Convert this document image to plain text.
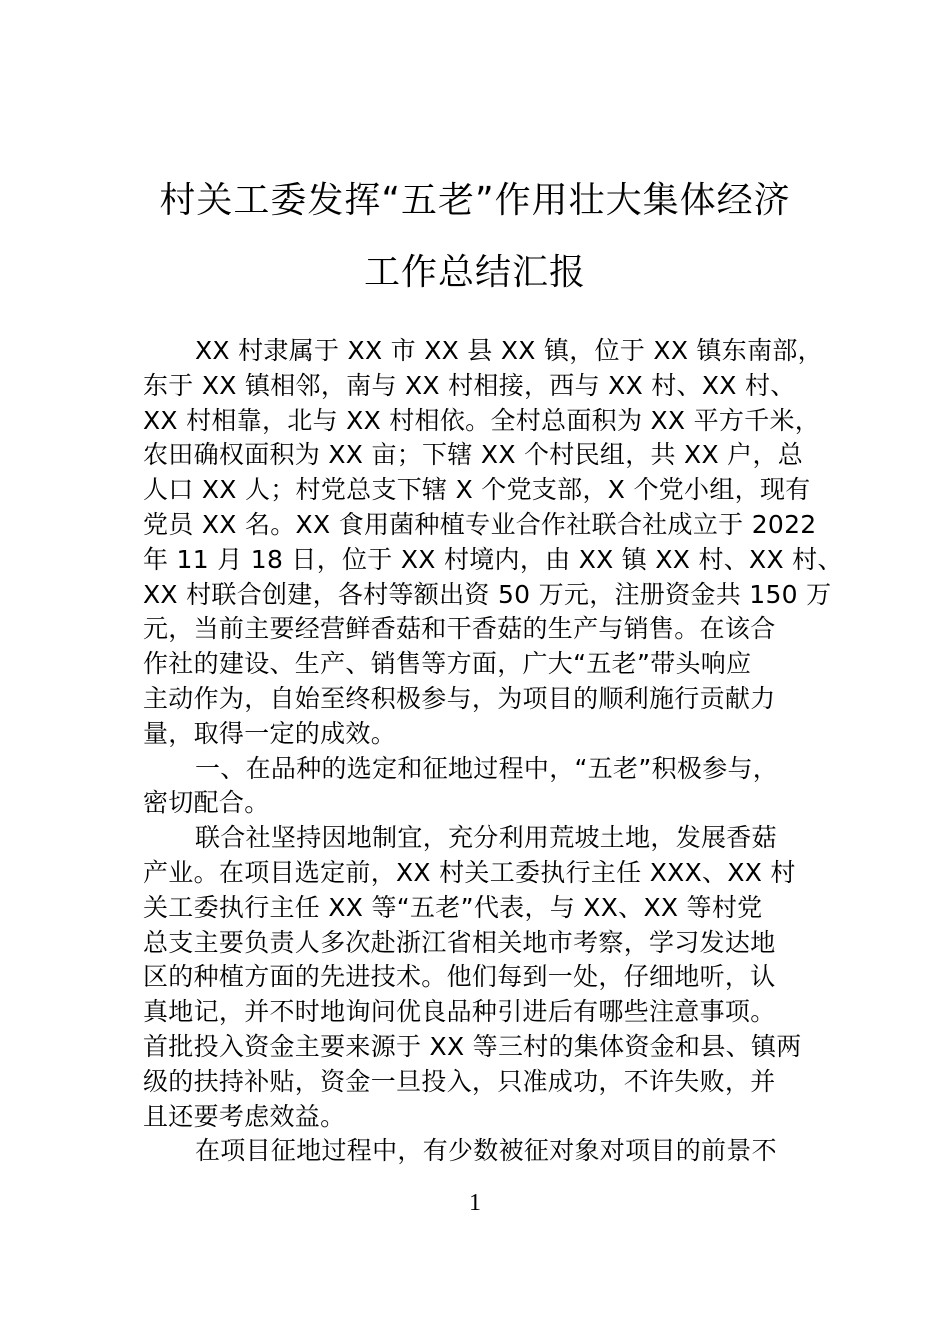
村关工委发挥“五老”作用壮大集体经济
工作总结汇报
XX 村隶属于 XX 市 XX 县 XX 镇，位于 XX 镇东南部，
东于 XX 镇相邻，南与 XX 村相接，西与 XX 村、XX 村、
XX 村相靠，北与 XX 村相依。全村总面积为 XX 平方千米，
农田确权面积为 XX 亩；下辖 XX 个村民组，共 XX 户，总
人口 XX 人；村党总支下辖 X 个党支部，X 个党小组，现有
党员 XX 名。XX 食用菌种植专业合作社联合社成立于 2022
年 11 月 18 日，位于 XX 村境内，由 XX 镇 XX 村、XX 村、
XX 村联合创建，各村等额出资 50 万元，注册资金共 150 万
元，当前主要经营鲜香菇和干香菇的生产与销售。在该合
作社的建设、生产、销售等方面，广大“五老”带头响应
主动作为，自始至终积极参与，为项目的顺利施行贡献力
量，取得一定的成效。
一、在品种的选定和征地过程中，“五老”积极参与，
密切配合。
联合社坚持因地制宜，充分利用荒坡土地，发展香菇
产业。在项目选定前，XX 村关工委执行主任 XXX、XX 村
关工委执行主任 XX 等“五老”代表，与 XX、XX 等村党
总支主要负责人多次赴浙江省相关地市考察，学习发达地
区的种植方面的先进技术。他们每到一处，仔细地听，认
真地记，并不时地询问优良品种引进后有哪些注意事项。
首批投入资金主要来源于 XX 等三村的集体资金和县、镇两
级的扶持补贴，资金一旦投入，只准成功，不许失败，并
且还要考虑效益。
在项目征地过程中，有少数被征对象对项目的前景不
1
